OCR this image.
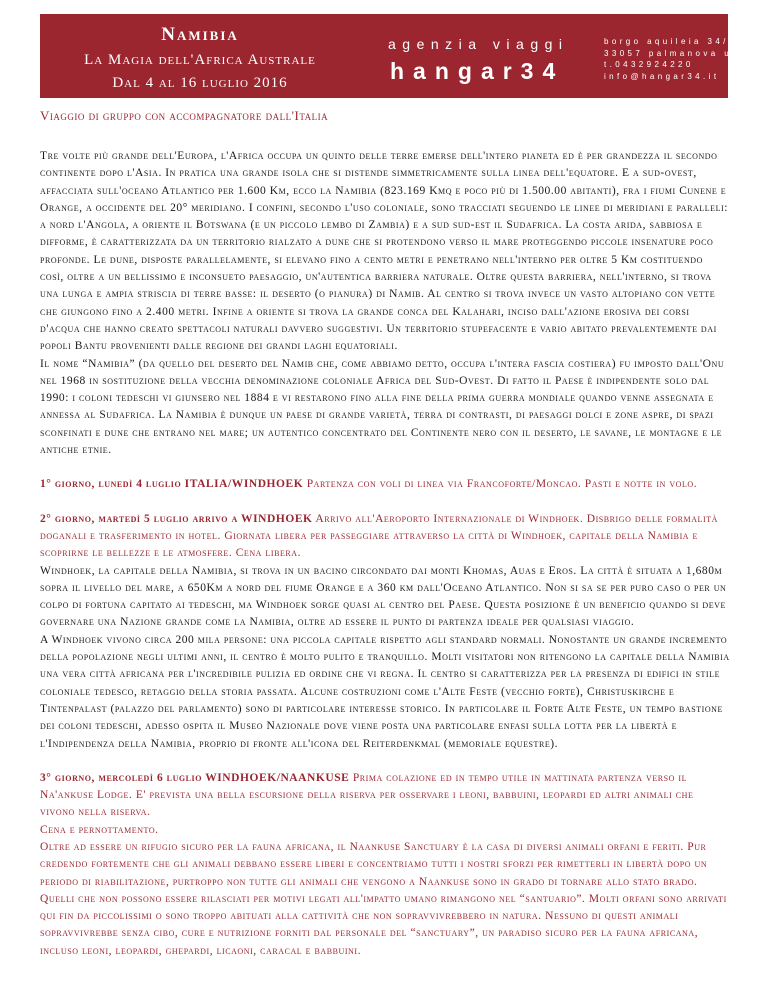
Namibia
La Magia dell'Africa Australe
Dal 4 al 16 luglio 2016
agenzia viaggi
hangar34
borgo aquileia 34/a
33057 palmanova ud
t.0432924220
info@hangar34.it
Viaggio di gruppo con accompagnatore dall'Italia

Tre volte più grande dell'Europa, l'Africa occupa un quinto delle terre emerse dell'intero pianeta ed è per grandezza il secondo continente dopo l'Asia. In pratica una grande isola che si distende simmetricamente sulla linea dell'equatore. E a sud-ovest, affacciata sull'oceano Atlantico per 1.600 Km, ecco la Namibia (823.169 Kmq e poco più di 1.500.00 abitanti), fra i fiumi Cunene e Orange, a occidente del 20° meridiano. I confini, secondo l'uso coloniale, sono tracciati seguendo le linee di meridiani e paralleli: a nord l'Angola, a oriente il Botswana (e un piccolo lembo di Zambia) e a sud sud-est il Sudafrica. La costa arida, sabbiosa e difforme, è caratterizzata da un territorio rialzato a dune che si protendono verso il mare proteggendo piccole insenature poco profonde. Le dune, disposte parallelamente, si elevano fino a cento metri e penetrano nell'interno per oltre 5 Km costituendo così, oltre a un bellissimo e inconsueto paesaggio, un'autentica barriera naturale. Oltre questa barriera, nell'interno, si trova una lunga e ampia striscia di terre basse: il deserto (o pianura) di Namib. Al centro si trova invece un vasto altopiano con vette che giungono fino a 2.400 metri. Infine a oriente si trova la grande conca del Kalahari, inciso dall'azione erosiva dei corsi d'acqua che hanno creato spettacoli naturali davvero suggestivi. Un territorio stupefacente e vario abitato prevalentemente dai popoli Bantu provenienti dalle regione dei grandi laghi equatoriali.

Il nome “Namibia” (da quello del deserto del Namib che, come abbiamo detto, occupa l'intera fascia costiera) fu imposto dall'Onu nel 1968 in sostituzione della vecchia denominazione coloniale Africa del Sud-Ovest. Di fatto il Paese è indipendente solo dal 1990: i coloni tedeschi vi giunsero nel 1884 e vi restarono fino alla fine della prima guerra mondiale quando venne assegnata e annessa al Sudafrica. La Namibia è dunque un paese di grande varietà, terra di contrasti, di paesaggi dolci e zone aspre, di spazi sconfinati e dune che entrano nel mare; un autentico concentrato del Continente nero con il deserto, le savane, le montagne e le antiche etnie.

1° giorno, lunedì 4 luglio ITALIA/WINDHOEK Partenza con voli di linea via Francoforte/Moncao. Pasti e notte in volo.

2° giorno, martedì 5 luglio arrivo a WINDHOEK Arrivo all'Aeroporto Internazionale di Windhoek. Disbrigo delle formalità doganali e trasferimento in hotel. Giornata libera per passeggiare attraverso la città di Windhoek, capitale della Namibia e scoprirne le bellezze e le atmosfere. Cena libera.

Windhoek, la capitale della Namibia, si trova in un bacino circondato dai monti Khomas, Auas e Eros. La città è situata a 1,680m sopra il livello del mare, a 650Km a nord del fiume Orange e a 360 km dall'Oceano Atlantico. Non si sa se per puro caso o per un colpo di fortuna capitato ai tedeschi, ma Windhoek sorge quasi al centro del Paese. Questa posizione è un beneficio quando si deve governare una Nazione grande come la Namibia, oltre ad essere il punto di partenza ideale per qualsiasi viaggio.

A Windhoek vivono circa 200 mila persone: una piccola capitale rispetto agli standard normali. Nonostante un grande incremento della popolazione negli ultimi anni, il centro è molto pulito e tranquillo. Molti visitatori non ritengono la capitale della Namibia una vera città africana per l'incredibile pulizia ed ordine che vi regna. Il centro si caratterizza per la presenza di edifici in stile coloniale tedesco, retaggio della storia passata. Alcune costruzioni come l'Alte Feste (vecchio forte), Christuskirche e Tintenpalast (palazzo del parlamento) sono di particolare interesse storico. In particolare il Forte Alte Feste, un tempo bastione dei coloni tedeschi, adesso ospita il Museo Nazionale dove viene posta una particolare enfasi sulla lotta per la libertà e l'Indipendenza della Namibia, proprio di fronte all'icona del Reiterdenkmal (memoriale equestre).

3° giorno, mercoledì 6 luglio WINDHOEK/NAANKUSE Prima colazione ed in tempo utile in mattinata partenza verso il Na'ankuse Lodge. E' prevista una bella escursione della riserva per osservare i leoni, babbuini, leopardi ed altri animali che vivono nella riserva.

Cena e pernottamento.

Oltre ad essere un rifugio sicuro per la fauna africana, il Naankuse Sanctuary è la casa di diversi animali orfani e feriti. Pur credendo fortemente che gli animali debbano essere liberi e concentriamo tutti i nostri sforzi per rimetterli in libertà dopo un periodo di riabilitazione, purtroppo non tutte gli animali che vengono a Naankuse sono in grado di tornare allo stato brado. Quelli che non possono essere rilasciati per motivi legati all'impatto umano rimangono nel “santuario”. Molti orfani sono arrivati qui fin da piccolissimi o sono troppo abituati alla cattività che non sopravvivrebbero in natura. Nessuno di questi animali sopravvivrebbe senza cibo, cure e nutrizione forniti dal personale del “sanctuary”, un paradiso sicuro per la fauna africana, incluso leoni, leopardi, ghepardi, licaoni, caracal e babbuini.
